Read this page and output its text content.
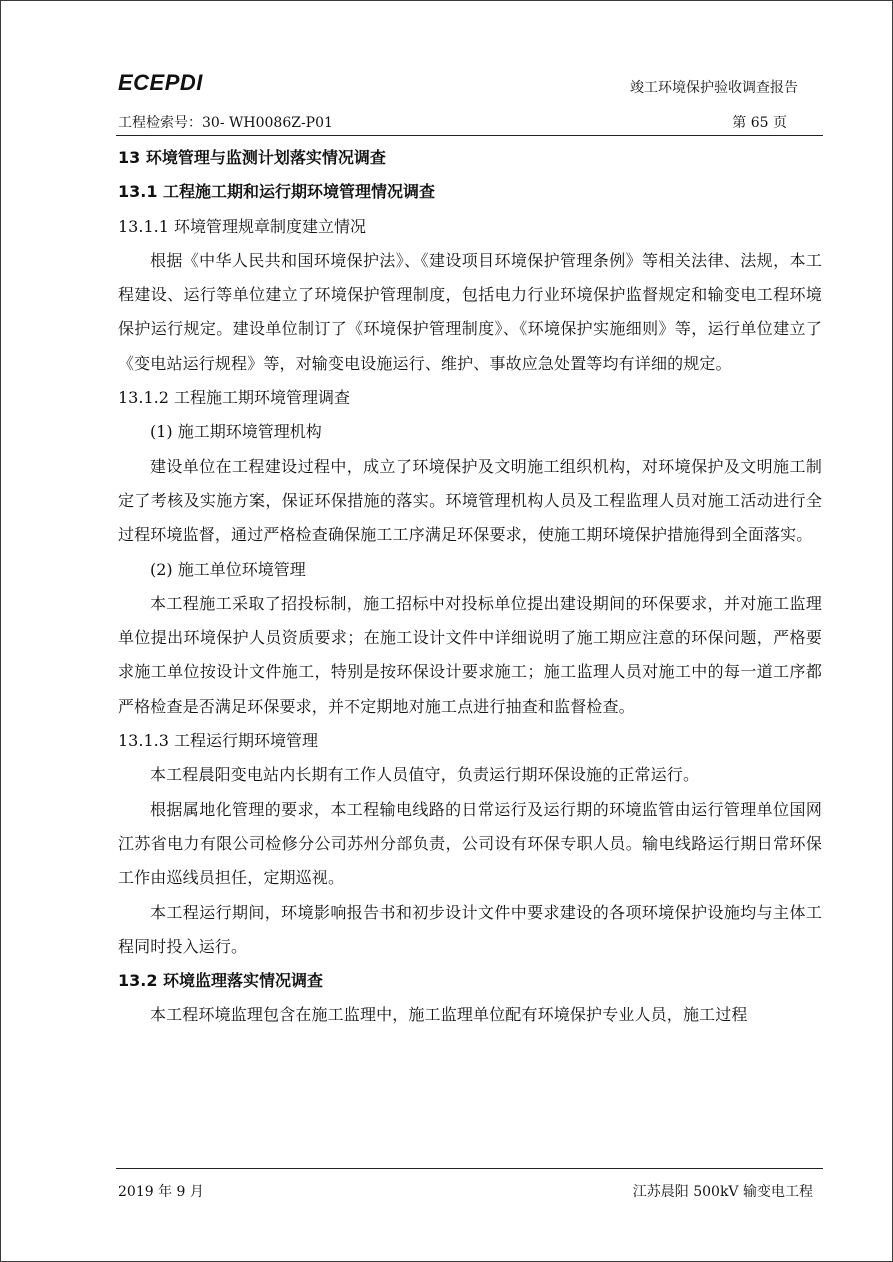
ECEPDI	竣工环境保护验收调查报告
工程检索号：30- WH0086Z-P01	第 65 页
13 环境管理与监测计划落实情况调查
13.1 工程施工期和运行期环境管理情况调查
13.1.1 环境管理规章制度建立情况

根据《中华人民共和国环境保护法》、《建设项目环境保护管理条例》等相关法律、法规，本工程建设、运行等单位建立了环境保护管理制度，包括电力行业环境保护监督规定和输变电工程环境保护运行规定。建设单位制订了《环境保护管理制度》、《环境保护实施细则》等，运行单位建立了《变电站运行规程》等，对输变电设施运行、维护、事故应急处置等均有详细的规定。

13.1.2 工程施工期环境管理调查
(1) 施工期环境管理机构

建设单位在工程建设过程中，成立了环境保护及文明施工组织机构，对环境保护及文明施工制定了考核及实施方案，保证环保措施的落实。环境管理机构人员及工程监理人员对施工活动进行全过程环境监督，通过严格检查确保施工工序满足环保要求，使施工期环境保护措施得到全面落实。

(2) 施工单位环境管理

本工程施工采取了招投标制，施工招标中对投标单位提出建设期间的环保要求，并对施工监理单位提出环境保护人员资质要求；在施工设计文件中详细说明了施工期应注意的环保问题，严格要求施工单位按设计文件施工，特别是按环保设计要求施工；施工监理人员对施工中的每一道工序都严格检查是否满足环保要求，并不定期地对施工点进行抽查和监督检查。

13.1.3 工程运行期环境管理

本工程晨阳变电站内长期有工作人员值守，负责运行期环保设施的正常运行。

根据属地化管理的要求，本工程输电线路的日常运行及运行期的环境监管由运行管理单位国网江苏省电力有限公司检修分公司苏州分部负责，公司设有环保专职人员。输电线路运行期日常环保工作由巡线员担任，定期巡视。

本工程运行期间，环境影响报告书和初步设计文件中要求建设的各项环境保护设施均与主体工程同时投入运行。

13.2 环境监理落实情况调查

本工程环境监理包含在施工监理中，施工监理单位配有环境保护专业人员，施工过程

2019 年 9 月	江苏晨阳 500kV 输变电工程
